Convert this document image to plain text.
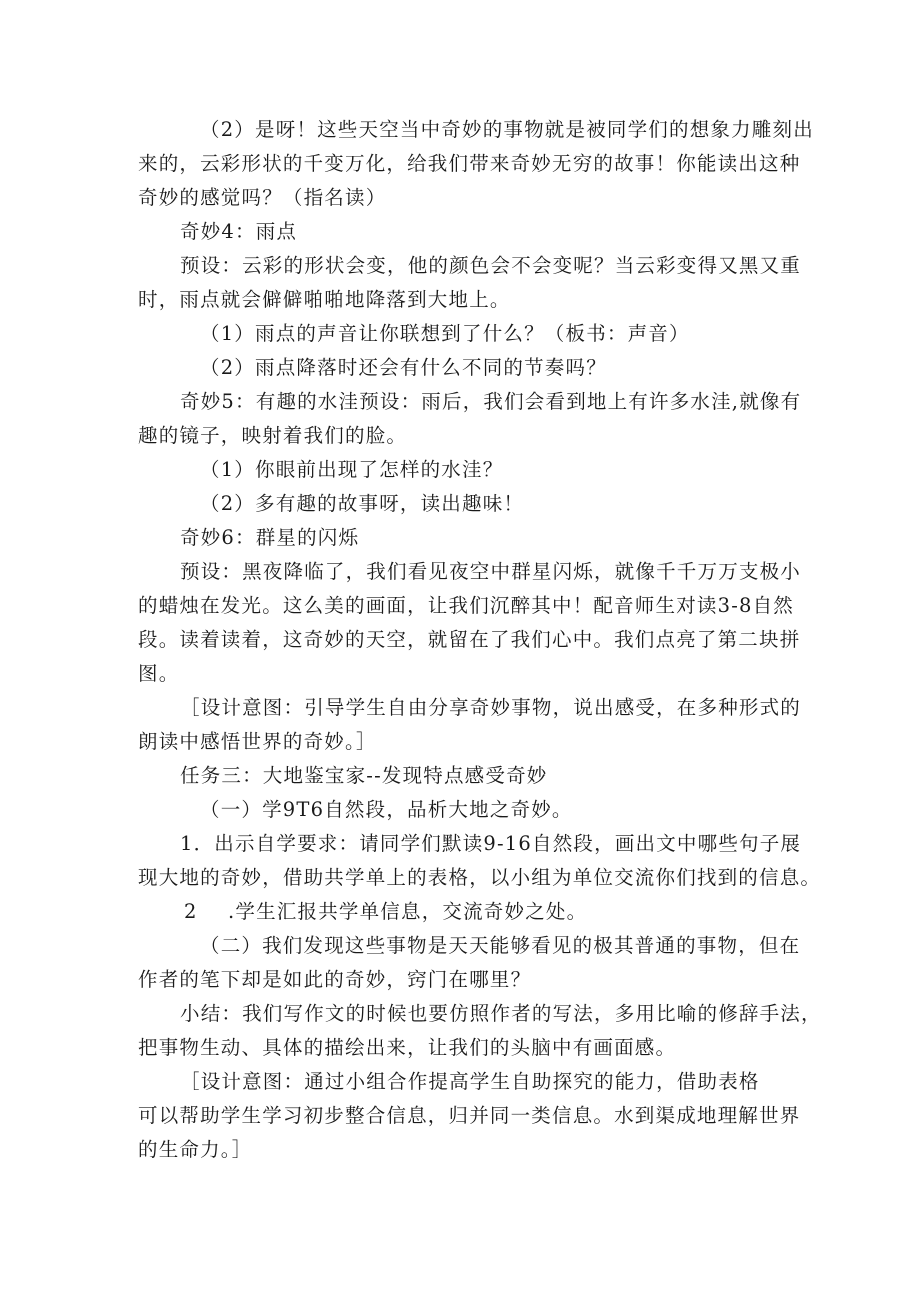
（2）是呀！这些天空当中奇妙的事物就是被同学们的想象力雕刻出
来的，云彩形状的千变万化，给我们带来奇妙无穷的故事！你能读出这种
奇妙的感觉吗？（指名读）
奇妙4：雨点
预设：云彩的形状会变，他的颜色会不会变呢？当云彩变得又黑又重
时，雨点就会僻僻啪啪地降落到大地上。
（1）雨点的声音让你联想到了什么？（板书：声音）
（2）雨点降落时还会有什么不同的节奏吗？
奇妙5：有趣的水洼预设：雨后，我们会看到地上有许多水洼,就像有
趣的镜子，映射着我们的脸。
（1）你眼前出现了怎样的水洼？
（2）多有趣的故事呀，读出趣味！
奇妙6：群星的闪烁
预设：黑夜降临了，我们看见夜空中群星闪烁，就像千千万万支极小
的蜡烛在发光。这么美的画面，让我们沉醉其中！配音师生对读3-8自然
段。读着读着，这奇妙的天空，就留在了我们心中。我们点亮了第二块拼
图。
［设计意图：引导学生自由分享奇妙事物，说出感受，在多种形式的
朗读中感悟世界的奇妙。］
任务三：大地鉴宝家--发现特点感受奇妙
（一）学9T6自然段，品析大地之奇妙。
1．出示自学要求：请同学们默读9-16自然段，画出文中哪些句子展
现大地的奇妙，借助共学单上的表格，以小组为单位交流你们找到的信息。
2 .学生汇报共学单信息，交流奇妙之处。
（二）我们发现这些事物是天天能够看见的极其普通的事物，但在
作者的笔下却是如此的奇妙，窍门在哪里？
小结：我们写作文的时候也要仿照作者的写法，多用比喻的修辞手法，
把事物生动、具体的描绘出来，让我们的头脑中有画面感。
［设计意图：通过小组合作提高学生自助探究的能力，借助表格
可以帮助学生学习初步整合信息，归并同一类信息。水到渠成地理解世界
的生命力。］
